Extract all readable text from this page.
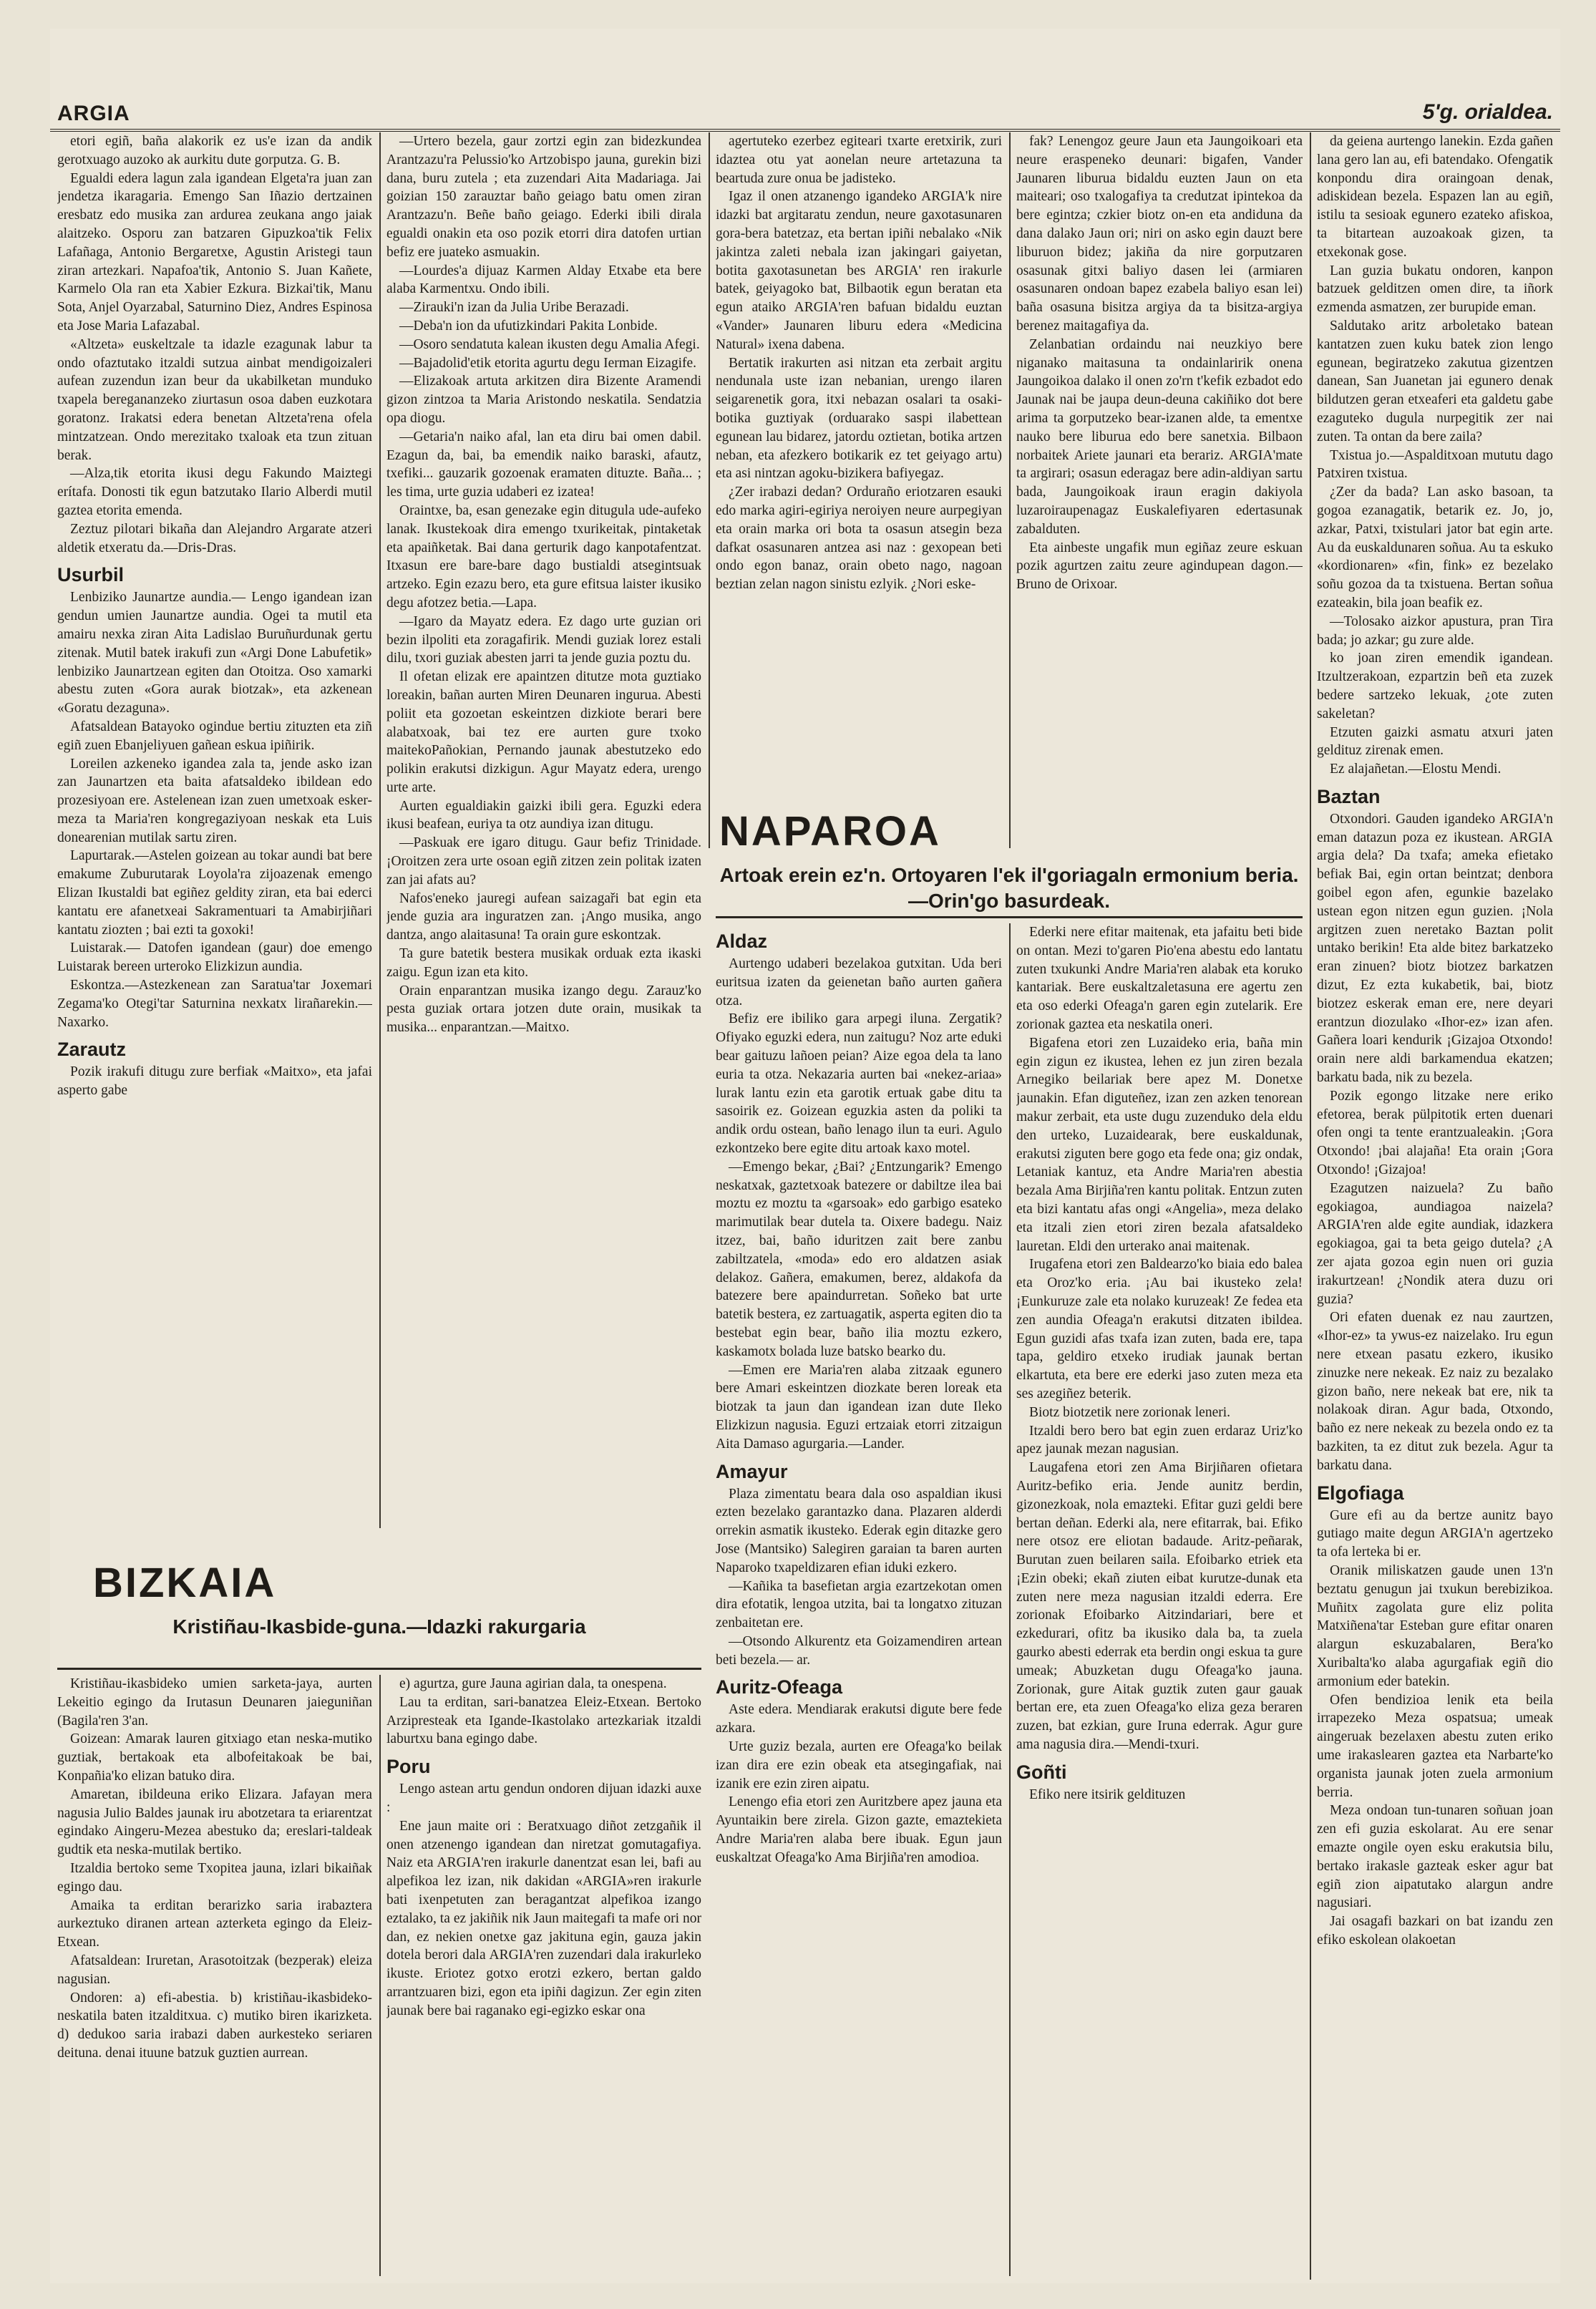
ARGIA	5'g. orialdea.

etori egiñ, baña alakorik ez us'e izan da andik gerotxuago auzoko ak aurkitu dute gorputza. G. B.

Egualdi edera lagun zala igandean Elgeta'ra juan zan jendetza ikaragaria. Emengo San Iñazio dertzainen eresbatz edo musika zan ardurea zeukana ango jaiak alaitzeko. Osporu zan batzaren Gipuzkoa'tik Felix Lafañaga, Antonio Bergaretxe, Agustin Aristegi taun ziran artezkari. Napafoa'tik, Antonio S. Juan Kañete, Karmelo Ola ran eta Xabier Ezkura. Bizkai'tik, Manu Sota, Anjel Oyarzabal, Saturnino Diez, Andres Espinosa eta Jose Maria Lafazabal.

«Altzeta» euskeltzale ta idazle ezagunak labur ta ondo ofaztutako itzaldi sutzua ainbat mendigoizaleri aufean zuzendun izan beur da ukabilketan munduko txapela beregananzeko ziurtasun osoa daben euzkotara goratonz. Irakatsi edera benetan Altzeta'rena ofela mintzatzean. Ondo merezitako txaloak eta tzun zituan berak.

—Alza,tik etorita ikusi degu Fakundo Maiztegi erítafa. Donosti tik egun batzutako Ilario Alberdi mutil gaztea etorita emenda.

Zeztuz pilotari bikaña dan Alejandro Argarate atzeri aldetik etxeratu da.—Dris-Dras.

Usurbil

Lenbiziko Jaunartze aundia.— Lengo igandean izan gendun umien Jaunartze aundia. Ogei ta mutil eta amairu nexka ziran Aita Ladislao Buruñurdunak gertu zitenak. Mutil batek irakufi zun «Argi Done Labufetik» lenbiziko Jaunartzean egiten dan Otoitza. Oso xamarki abestu zuten «Gora aurak biotzak», eta azkenean «Goratu dezaguna».

Afatsaldean Batayoko ogindue bertiu zituzten eta ziñ egiñ zuen Ebanjeliyuen gañean eskua ipiñirik.

Loreilen azkeneko igandea zala ta, jende asko izan zan Jaunartzen eta baita afatsaldeko ibildean edo prozesiyoan ere. Astelenean izan zuen umetxoak esker-meza ta Maria'ren kongregaziyoan neskak eta Luis donearenian mutilak sartu ziren.

Lapurtarak.—Astelen goizean au tokar aundi bat bere emakume Zuburutarak Loyola'ra zijoazenak emengo Elizan Ikustaldi bat egiñez geldity ziran, eta bai ederci kantatu ere afanetxeai Sakramentuari ta Amabirjiñari kantatu ziozten ; bai ezti ta goxoki!

Luistarak.— Datofen igandean (gaur) doe emengo Luistarak bereen urteroko Elizkizun aundia.

Eskontza.—Astezkenean zan Saratua'tar Joxemari Zegama'ko Otegi'tar Saturnina nexkatx lirañarekin.—Naxarko.

Zarautz

Pozik irakufi ditugu zure berfiak «Maitxo», eta jafai asperto gabe

—Urtero bezela, gaur zortzi egin zan bidezkundea Arantzazu'ra Pelussio'ko Artzobispo jauna, gurekin bizi dana, buru zutela ; eta zuzendari Aita Madariaga. Jai goizian 150 zarauztar baño geiago batu omen ziran Arantzazu'n. Beñe baño geiago. Ederki ibili dirala egualdi onakin eta oso pozik etorri dira datofen urtian befiz ere juateko asmuakin.

—Lourdes'a dijuaz Karmen Alday Etxabe eta bere alaba Karmentxu. Ondo ibili.

—Zirauki'n izan da Julia Uribe Berazadi.

—Deba'n ion da ufutizkindari Pakita Lonbide.

—Osoro sendatuta kalean ikusten degu Amalia Afegi.

—Bajadolid'etik etorita agurtu degu Ierman Eizagife.

—Elizakoak artuta arkitzen dira Bizente Aramendi gizon zintzoa ta Maria Aristondo neskatila. Sendatzia opa diogu.

—Getaria'n naiko afal, lan eta diru bai omen dabil. Ezagun da, bai, ba emendik naiko baraski, afautz, txefiki... gauzarik gozoenak eramaten dituzte. Baña... ; les tima, urte guzia udaberi ez izatea!

Oraintxe, ba, esan genezake egin ditugula ude-aufeko lanak. Ikustekoak dira emengo txurikeitak, pintaketak eta apaiñketak. Bai dana gerturik dago kanpotafentzat. Itxasun ere bare-bare dago bustialdi atsegintsuak artzeko. Egin ezazu bero, eta gure efitsua laister ikusiko degu afotzez betia.—Lapa.

—Igaro da Mayatz edera. Ez dago urte guzian ori bezin ilpoliti eta zoragafirik. Mendi guziak lorez estali dilu, txori guziak abesten jarri ta jende guzia poztu du.

Il ofetan elizak ere apaintzen ditutze mota guztiako loreakin, bañan aurten Miren Deunaren ingurua. Abesti poliit eta gozoetan eskeintzen dizkiote berari bere alabatxoak, bai tez ere aurten gure txoko maitekoPañokian, Pernando jaunak abestutzeko edo polikin erakutsi dizkigun. Agur Mayatz edera, urengo urte arte.

Aurten egualdiakin gaizki ibili gera. Eguzki edera ikusi beafean, euriya ta otz aundiya izan ditugu.

—Paskuak ere igaro ditugu. Gaur befiz Trinidade. ¡Oroitzen zera urte osoan egiñ zitzen zein politak izaten zan jai afats au?

Nafos'eneko jauregi aufean saizagaři bat egin eta jende guzia ara inguratzen zan. ¡Ango musika, ango dantza, ango alaitasuna! Ta orain gure eskontzak.

Ta gure batetik bestera musikak orduak ezta ikaski zaigu. Egun izan eta kito.

Orain enparantzan musika izango degu. Zarauz'ko pesta guziak ortara jotzen dute orain, musikak ta musika... enparantzan.—Maitxo.

agertuteko ezerbez egiteari txarte eretxirik, zuri idaztea otu yat aonelan neure artetazuna ta beartuda zure onua be jadisteko.

Igaz il onen atzanengo igandeko ARGIA'k nire idazki bat argitaratu zendun, neure gaxotasunaren gora-bera batetzaz, eta bertan ipiñi nebalako «Nik jakintza zaleti nebala izan jakingari gaiyetan, botita gaxotasunetan bes ARGIA' ren irakurle batek, geiyagoko bat, Bilbaotik egun beratan eta egun ataiko ARGIA'ren bafuan bidaldu euztan «Vander» Jaunaren liburu edera «Medicina Natural» ixena dabena.

Bertatik irakurten asi nitzan eta zerbait argitu nendunala uste izan nebanian, urengo ilaren seigarenetik gora, itxi nebazan osalari ta osaki-botika guztiyak (orduarako saspi ilabettean egunean lau bidarez, jatordu oztietan, botika artzen neban, eta afezkero botikarik ez tet geiyago artu) eta asi nintzan agoku-bizikera bafiyegaz.

¿Zer irabazi dedan? Orduraño eriotzaren esauki edo marka agiri-egiriya neroiyen neure aurpegiyan eta orain marka ori bota ta osasun atsegin beza dafkat osasunaren antzea asi naz : gexopean beti ondo egon banaz, orain obeto nago, nagoan beztian zelan nagon sinistu ezlyik. ¿Nori eske-

fak? Lenengoz geure Jaun eta Jaungoikoari eta neure eraspeneko deunari: bigafen, Vander Jaunaren liburua bidaldu euzten Jaun on eta maiteari; oso txalogafiya ta credutzat ipintekoa da bere egintza; czkier biotz on-en eta andiduna da dana dalako Jaun ori; niri on asko egin dauzt bere liburuon bidez; jakiña da nire gorputzaren osasunak gitxi baliyo dasen lei (armiaren osasunaren ondoan bapez ezabela baliyo esan lei) baña osasuna bisitza argiya da ta bisitza-argiya berenez maitagafiya da.

Zelanbatian ordaindu nai neuzkiyo bere niganako maitasuna ta ondainlaririk onena Jaungoikoa dalako il onen zo'rn t'kefik ezbadot edo Jaunak nai be jaupa deun-deuna cakiñiko dot bere arima ta gorputzeko bear-izanen alde, ta ementxe nauko bere liburua edo bere sanetxia. Bilbaon norbaitek Ariete jaunari eta berariz. ARGIA'mate ta argirari; osasun ederagaz bere adin-aldiyan sartu bada, Jaungoikoak iraun eragin dakiyola luzaroiraupenagaz Euskalefiyaren edertasunak zabalduten.

Eta ainbeste ungafik mun egiñaz zeure eskuan pozik agurtzen zaitu zeure agindupean dagon.—Bruno de Orixoar.

da geiena aurtengo lanekin. Ezda gañen lana gero lan au, efi batendako. Ofengatik konpondu dira oraingoan denak, adiskidean bezela. Espazen lan au egiñ, istilu ta sesioak egunero ezateko afiskoa, ta bitartean auzoakoak gizen, ta etxekonak gose.

Lan guzia bukatu ondoren, kanpon batzuek gelditzen omen dire, ta iñork ezmenda asmatzen, zer burupide eman.

Saldutako aritz arboletako batean kantatzen zuen kuku batek zion lengo egunean, begiratzeko zakutua gizentzen danean, San Juanetan jai egunero denak bildutzen geran etxeaferi eta galdetu gabe ezaguteko dugula nurpegitik zer nai zuten. Ta ontan da bere zaila?

Txistua jo.—Aspalditxoan mututu dago Patxiren txistua.

¿Zer da bada? Lan asko basoan, ta gogoa ezanagatik, betarik ez. Jo, jo, azkar, Patxi, txistulari jator bat egin arte. Au da euskaldunaren soñua. Au ta eskuko «kordionaren» «fin, fink» ez bezelako soñu gozoa da ta txistuena. Bertan soñua ezateakin, bila joan beafik ez.

—Tolosako aizkor apustura, pran Tira bada; jo azkar; gu zure alde.

ko joan ziren emendik igandean. Itzultzerakoan, ezpartzin beñ eta zuzek bedere sartzeko lekuak, ¿ote zuten sakeletan?

Etzuten gaizki asmatu atxuri jaten geldituz zirenak emen.

Ez alajañetan.—Elostu Mendi.

Baztan

Otxondori. Gauden igandeko ARGIA'n eman datazun poza ez ikustean. ARGIA argia dela? Da txafa; ameka efietako befiak Bai, egin ortan beintzat; denbora goibel egon afen, egunkie bazelako ustean egon nitzen egun guzien. ¡Nola argitzen zuen neretako Baztan polit untako berikin! Eta alde bitez barkatzeko eran zinuen? biotz biotzez barkatzen dizut, Ez ezta kukabetik, bai, biotz biotzez eskerak eman ere, nere deyari erantzun diozulako «Ihor-ez» izan afen. Gañera loari kendurik ¡Gizajoa Otxondo! orain nere aldi barkamendua ekatzen; barkatu bada, nik zu bezela.

Pozik egongo litzake nere eriko efetorea, berak pülpitotik erten duenari ofen ongi ta tente erantzualeakin. ¡Gora Otxondo! ¡bai alajaña! Eta orain ¡Gora Otxondo! ¡Gizajoa!

Ezagutzen naizuela? Zu baño egokiagoa, aundiagoa naizela? ARGIA'ren alde egite aundiak, idazkera egokiagoa, gai ta beta geigo dutela? ¿A zer ajata gozoa egin nuen ori guzia irakurtzean! ¿Nondik atera duzu ori guzia?

Ori efaten duenak ez nau zaurtzen, «Ihor-ez» ta ywus-ez naizelako. Iru egun nere etxean pasatu ezkero, ikusiko zinuzke nere nekeak. Ez naiz zu bezalako gizon baño, nere nekeak bat ere, nik ta nolakoak diran. Agur bada, Otxondo, baño ez nere nekeak zu bezela ondo ez ta bazkiten, ta ez ditut zuk bezela. Agur ta barkatu dana.

Elgofiaga

Gure efi au da bertze aunitz bayo gutiago maite degun ARGIA'n agertzeko ta ofa lerteka bi er.

Oranik miliskatzen gaude unen 13'n beztatu genugun jai txukun berebizikoa. Muñitx zagolata gure eliz polita Matxiñena'tar Esteban gure efitar onaren alargun eskuzabalaren, Bera'ko Xuribalta'ko alaba agurgafiak egiñ dio armonium eder batekin.

Ofen bendizioa lenik eta beila irrapezeko Meza ospatsua; umeak aingeruak bezelaxen abestu zuten eriko ume irakaslearen gaztea eta Narbarte'ko organista jaunak joten zuela armonium berria.

Meza ondoan tun-tunaren soñuan joan zen efi guzia eskolarat. Au ere senar emazte ongile oyen esku erakutsia bilu, bertako irakasle gazteak esker agur bat egiñ zion aipatutako alargun andre nagusiari.

Jai osagafi bazkari on bat izandu zen efiko eskolean olakoetan

NAPAROA
Artoak erein ez'n. Ortoyaren l'ek il'goriagaln ermonium beria.—Orin'go basurdeak.
Aldaz

Aurtengo udaberi bezelakoa gutxitan. Uda beri euritsua izaten da geienetan baño aurten gañera otza.

Befiz ere ibiliko gara arpegi iluna. Zergatik? Ofiyako eguzki edera, nun zaitugu? Noz arte eduki bear gaituzu lañoen peian? Aize egoa dela ta lano euria ta otza. Nekazaria aurten bai «nekez-ariaa» lurak lantu ezin eta garotik ertuak gabe ditu ta sasoirik ez. Goizean eguzkia asten da poliki ta andik ordu ostean, baño lenago ilun ta euri. Agulo ezkontzeko bere egite ditu artoak kaxo motel.

—Emengo bekar, ¿Bai? ¿Entzungarik? Emengo neskatxak, gaztetxoak batezere or dabiltze ilea bai moztu ez moztu ta «garsoak» edo garbigo esateko marimutilak bear dutela ta. Oixere badegu. Naiz itzez, bai, baño iduritzen zait bere zanbu zabiltzatela, «moda» edo ero aldatzen asiak delakoz. Gañera, emakumen, berez, aldakofa da batezere bere apaindurretan. Soñeko bat urte batetik bestera, ez zartuagatik, asperta egiten dio ta bestebat egin bear, baño ilia moztu ezkero, kaskamotx bolada luze batsko bearko du.

—Emen ere Maria'ren alaba zitzaak egunero bere Amari eskeintzen diozkate beren loreak eta biotzak ta jaun dan igandean izan dute Ileko Elizkizun nagusia. Eguzi ertzaiak etorri zitzaigun Aita Damaso agurgaria.—Lander.

Amayur

Plaza zimentatu beara dala oso aspaldian ikusi ezten bezelako garantazko dana. Plazaren alderdi orrekin asmatik ikusteko. Ederak egin ditazke gero Jose (Mantsiko) Salegiren garaian ta baren aurten Naparoko txapeldizaren efian iduki ezkero.

—Kañika ta basefietan argia ezartzekotan omen dira efotatik, lengoa utzita, bai ta longatxo zituzan zenbaitetan ere.

—Otsondo Alkurentz eta Goizamendiren artean beti bezela.— ar.

Auritz-Ofeaga

Aste edera. Mendiarak erakutsi digute bere fede azkara.

Urte guziz bezala, aurten ere Ofeaga'ko beilak izan dira ere ezin obeak eta atsegingafiak, nai izanik ere ezin ziren aipatu.

Lenengo efia etori zen Auritzbere apez jauna eta Ayuntaikin bere zirela. Gizon gazte, emaztekieta Andre Maria'ren alaba bere ibuak. Egun jaun euskaltzat Ofeaga'ko Ama Birjiña'ren amodioa.

Ederki nere efitar maitenak, eta jafaitu beti bide on ontan. Mezi to'garen Pio'ena abestu edo lantatu zuten txukunki Andre Maria'ren alabak eta koruko kantariak. Bere euskaltzaletasuna ere agertu zen eta oso ederki Ofeaga'n garen egin zutelarik. Ere zorionak gaztea eta neskatila oneri.

Bigafena etori zen Luzaideko eria, baña min egin zigun ez ikustea, lehen ez jun ziren bezala Arnegiko beilariak bere apez M. Donetxe jaunakin. Efan diguteñez, izan zen azken tenorean makur zerbait, eta uste dugu zuzenduko dela eldu den urteko, Luzaidearak, bere euskaldunak, erakutsi ziguten bere gogo eta fede ona; giz ondak, Letaniak kantuz, eta Andre Maria'ren abestia bezala Ama Birjiña'ren kantu politak. Entzun zuten eta bizi kantatu afas ongi «Angelia», meza delako eta itzali zien etori ziren bezala afatsaldeko lauretan. Eldi den urterako anai maitenak.

Irugafena etori zen Baldearzo'ko biaia edo balea eta Oroz'ko eria. ¡Au bai ikusteko zela! ¡Eunkuruze zale eta nolako kuruzeak! Ze fedea eta zen aundia Ofeaga'n erakutsi ditzaten ibildea. Egun guzidi afas txafa izan zuten, bada ere, tapa tapa, geldiro etxeko irudiak jaunak bertan elkartuta, eta bere ere ederki jaso zuten meza eta ses azegiñez beterik.

Biotz biotzetik nere zorionak leneri.

Itzaldi bero bero bat egin zuen erdaraz Uriz'ko apez jaunak mezan nagusian.

Laugafena etori zen Ama Birjiñaren ofietara Auritz-befiko eria. Jende aunitz berdin, gizonezkoak, nola emazteki. Efitar guzi geldi bere bertan deñan. Ederki ala, nere efitarrak, bai. Efiko nere otsoz ere eliotan badaude. Aritz-peñarak, Burutan zuen beilaren saila. Efoibarko etriek eta ¡Ezin obeki; ekañ ziuten eibat kurutze-dunak eta zuten nere meza nagusian itzaldi ederra. Ere zorionak Efoibarko Aitzindariari, bere et ezkedurari, ofitz ba ikusiko dala ba, ta zuela gaurko abesti ederrak eta berdin ongi eskua ta gure umeak; Abuzketan dugu Ofeaga'ko jauna. Zorionak, gure Aitak guztik zuten gaur gauak bertan ere, eta zuen Ofeaga'ko eliza geza beraren zuzen, bat ezkian, gure Iruna ederrak. Agur gure ama nagusia dira.—Mendi-txuri.

Goñti

Efiko nere itsirik geldituzen

BIZKAIA
Kristiñau-Ikasbide-guna.—Idazki rakurgaria

Kristiñau-ikasbideko umien sarketa-jaya, aurten Lekeitio egingo da Irutasun Deunaren jaieguniñan (Bagila'ren 3'an.

Goizean: Amarak lauren gitxiago etan neska-mutiko guztiak, bertakoak eta albofeitakoak be bai, Konpañia'ko elizan batuko dira.

Amaretan, ibildeuna eriko Elizara. Jafayan mera nagusia Julio Baldes jaunak iru abotzetara ta eriarentzat egindako Aingeru-Mezea abestuko da; ereslari-taldeak gudtik eta neska-mutilak bertiko.

Itzaldia bertoko seme Txopitea jauna, izlari bikaiñak egingo dau.

Amaika ta erditan berarizko saria irabaztera aurkeztuko diranen artean azterketa egingo da Eleiz-Etxean.

Afatsaldean: Iruretan, Arasotoitzak (bezperak) eleiza nagusian.

Ondoren: a) efi-abestia. b) kristiñau-ikasbideko-neskatila baten itzalditxua. c) mutiko biren ikarizketa. d) dedukoo saria irabazi daben aurkesteko seriaren deituna. denai ituune batzuk guztien aurrean.

e) agurtza, gure Jauna agirian dala, ta onespena.

Lau ta erditan, sari-banatzea Eleiz-Etxean. Bertoko Arzipresteak eta Igande-Ikastolako artezkariak itzaldi laburtxu bana egingo dabe.

Poru

Lengo astean artu gendun ondoren dijuan idazki auxe :

Ene jaun maite ori : Beratxuago diñot zetzgañik il onen atzenengo igandean dan niretzat gomutagafiya. Naiz eta ARGIA'ren irakurle danentzat esan lei, bafi au alpefikoa lez izan, nik dakidan «ARGIA»ren irakurle bati ixenpetuten zan beragantzat alpefikoa izango eztalako, ta ez jakiñik nik Jaun maitegafi ta mafe ori nor dan, ez nekien onetxe gaz jakituna egin, gauza jakin dotela berori dala ARGIA'ren zuzendari dala irakurleko ikuste. Eriotez gotxo erotzi ezkero, bertan galdo arrantzuaren bizi, egon eta ipiñi dagizun. Zer egin ziten jaunak bere bai raganako egi-egizko eskar ona
